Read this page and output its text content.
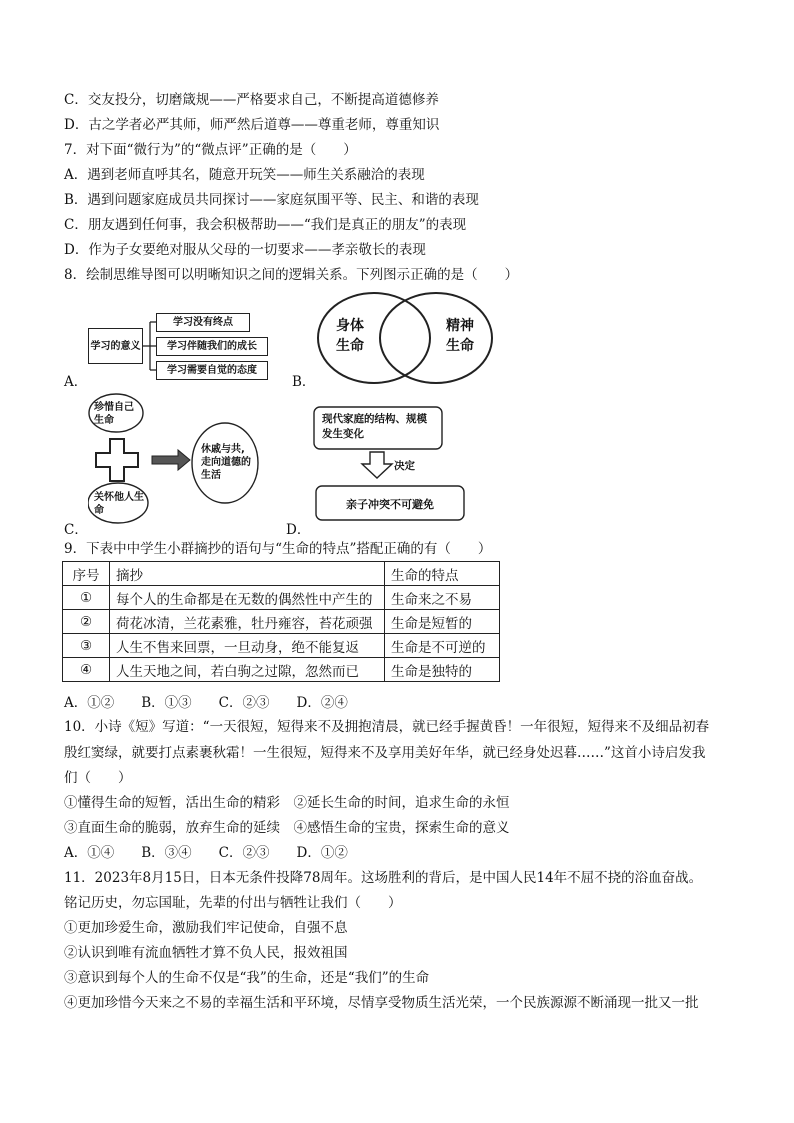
C．交友投分，切磨箴规——严格要求自己，不断提高道德修养
D．古之学者必严其师，师严然后道尊——尊重老师，尊重知识
7．对下面“微行为”的“微点评”正确的是（　　）
A．遇到老师直呼其名，随意开玩笑——师生关系融洽的表现
B．遇到问题家庭成员共同探讨——家庭氛围平等、民主、和谐的表现
C．朋友遇到任何事，我会积极帮助——“我们是真正的朋友”的表现
D．作为子女要绝对服从父母的一切要求——孝亲敬长的表现
8．绘制思维导图可以明晰知识之间的逻辑关系。下列图示正确的是（　　）
A．
学习的意义
学习没有终点
学习伴随我们的成长
学习需要自觉的态度
B．
身体生命
精神生命
C．
珍惜自己生命
关怀他人生命
休戚与共,走向道德的生活
D．
现代家庭的结构、规模发生变化
决定
亲子冲突不可避免
9．下表中中学生小群摘抄的语句与“生命的特点”搭配正确的有（　　）
序号	摘抄	生命的特点
①	每个人的生命都是在无数的偶然性中产生的	生命来之不易
②	荷花冰清，兰花素雅，牡丹雍容，苔花顽强	生命是短暂的
③	人生不售来回票，一旦动身，绝不能复返	生命是不可逆的
④	人生天地之间，若白驹之过隙，忽然而已	生命是独特的
A．①②　　B．①③　　C．②③　　D．②④
10．小诗《短》写道：“一天很短，短得来不及拥抱清晨，就已经手握黄昏！一年很短，短得来不及细品初春
殷红窦绿，就要打点素裹秋霜！一生很短，短得来不及享用美好年华，就已经身处迟暮……”这首小诗启发我
们（　　）
①懂得生命的短暂，活出生命的精彩　②延长生命的时间，追求生命的永恒
③直面生命的脆弱，放弃生命的延续　④感悟生命的宝贵，探索生命的意义
A．①④　　B．③④　　C．②③　　D．①②
11．2023年8月15日，日本无条件投降78周年。这场胜利的背后，是中国人民14年不屈不挠的浴血奋战。
铭记历史，勿忘国耻，先辈的付出与牺牲让我们（　　）
①更加珍爱生命，激励我们牢记使命，自强不息
②认识到唯有流血牺牲才算不负人民，报效祖国
③意识到每个人的生命不仅是“我”的生命，还是“我们”的生命
④更加珍惜今天来之不易的幸福生活和平环境，尽情享受物质生活光荣，一个民族源源不断涌现一批又一批
